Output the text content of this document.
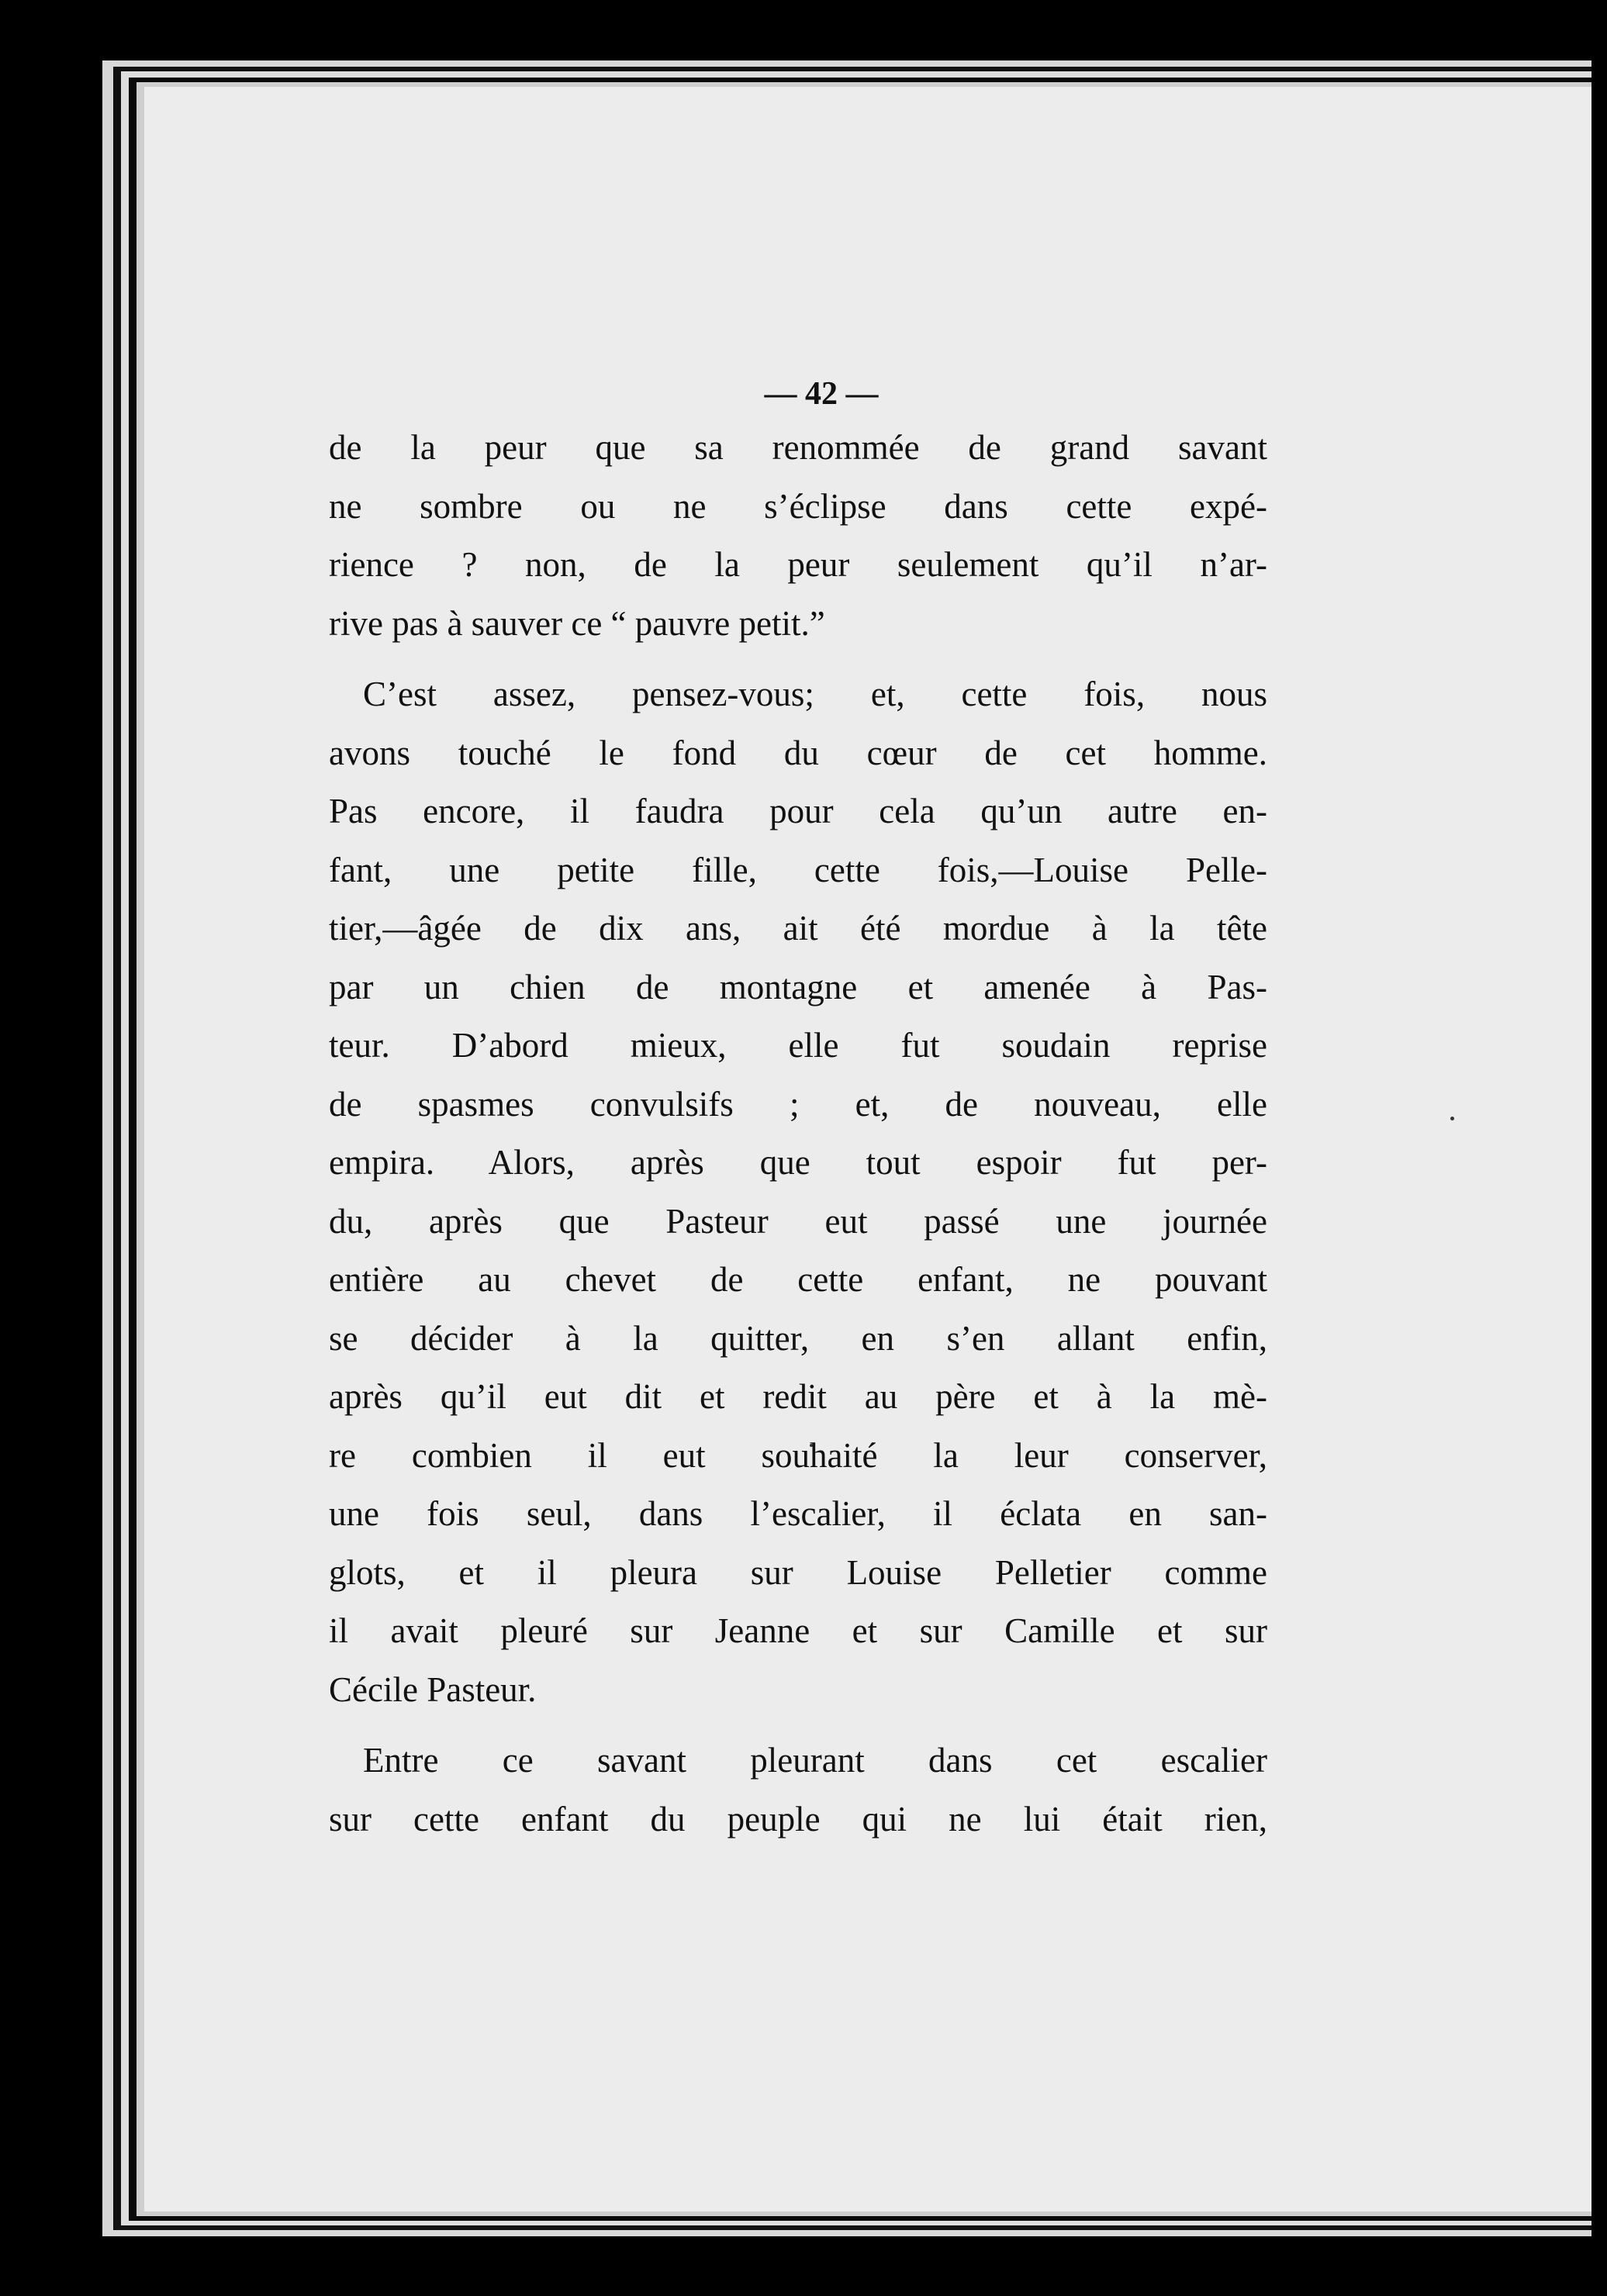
— 42 —

de la peur que sa renommée de grand savant
ne sombre ou ne s’éclipse dans cette expé-
rience ? non, de la peur seulement qu’il n’ar-
rive pas à sauver ce “ pauvre petit.”

C’est assez, pensez-vous; et, cette fois, nous
avons touché le fond du cœur de cet homme.
Pas encore, il faudra pour cela qu’un autre en-
fant, une petite fille, cette fois,—Louise Pelle-
tier,—âgée de dix ans, ait été mordue à la tête
par un chien de montagne et amenée à Pas-
teur. D’abord mieux, elle fut soudain reprise
de spasmes convulsifs ; et, de nouveau, elle
empira. Alors, après que tout espoir fut per-
du, après que Pasteur eut passé une journée
entière au chevet de cette enfant, ne pouvant
se décider à la quitter, en s’en allant enfin,
après qu’il eut dit et redit au père et à la mè-
re combien il eut souhaité la leur conserver,
une fois seul, dans l’escalier, il éclata en san-
glots, et il pleura sur Louise Pelletier comme
il avait pleuré sur Jeanne et sur Camille et sur
Cécile Pasteur.

Entre ce savant pleurant dans cet escalier
sur cette enfant du peuple qui ne lui était rien,
